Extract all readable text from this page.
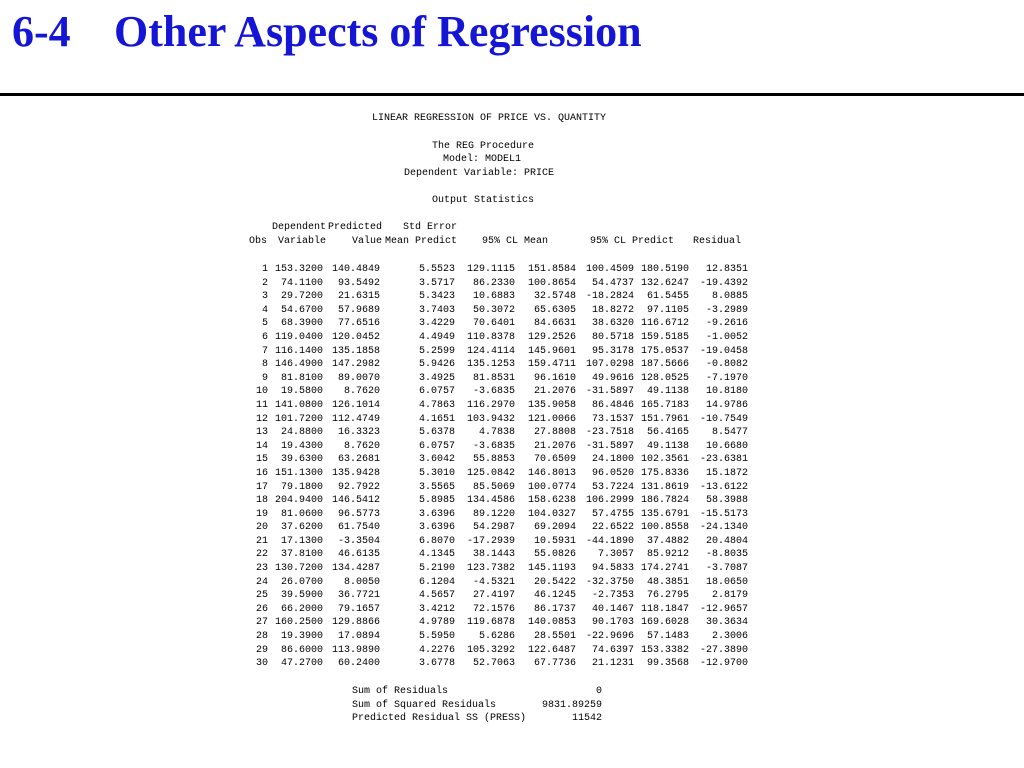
6-4 Other Aspects of Regression
LINEAR REGRESSION OF PRICE VS. QUANTITY
The REG Procedure
Model: MODEL1
Dependent Variable: PRICE
Output Statistics
Dependent Predicted Std Error
Obs Variable	Value Mean Predict 95% CL Mean	95% CL Predict Residual
1	153.3200	140.4849	5.5523	129.1115	151.8584	100.4509	180.5190	12.8351
2	74.1100	93.5492	3.5717	86.2330	100.8654	54.4737	132.6247	-19.4392
3	29.7200	21.6315	5.3423	10.6883	32.5748	-18.2824	61.5455	8.0885
4	54.6700	57.9689	3.7403	50.3072	65.6305	18.8272	97.1105	-3.2989
5	68.3900	77.6516	3.4229	70.6401	84.6631	38.6320	116.6712	-9.2616
6	119.0400	120.0452	4.4949	110.8378	129.2526	80.5718	159.5185	-1.0052
7	116.1400	135.1858	5.2599	124.4114	145.9601	95.3178	175.0537	-19.0458
8	146.4900	147.2982	5.9426	135.1253	159.4711	107.0298	187.5666	-0.8082
9	81.8100	89.0070	3.4925	81.8531	96.1610	49.9616	128.0525	-7.1970
10	19.5800	8.7620	6.0757	-3.6835	21.2076	-31.5897	49.1138	10.8180
11	141.0800	126.1014	4.7863	116.2970	135.9058	86.4846	165.7183	14.9786
12	101.7200	112.4749	4.1651	103.9432	121.0066	73.1537	151.7961	-10.7549
13	24.8800	16.3323	5.6378	4.7838	27.8808	-23.7518	56.4165	8.5477
14	19.4300	8.7620	6.0757	-3.6835	21.2076	-31.5897	49.1138	10.6680
15	39.6300	63.2681	3.6042	55.8853	70.6509	24.1800	102.3561	-23.6381
16	151.1300	135.9428	5.3010	125.0842	146.8013	96.0520	175.8336	15.1872
17	79.1800	92.7922	3.5565	85.5069	100.0774	53.7224	131.8619	-13.6122
18	204.9400	146.5412	5.8985	134.4586	158.6238	106.2999	186.7824	58.3988
19	81.0600	96.5773	3.6396	89.1220	104.0327	57.4755	135.6791	-15.5173
20	37.6200	61.7540	3.6396	54.2987	69.2094	22.6522	100.8558	-24.1340
21	17.1300	-3.3504	6.8070	-17.2939	10.5931	-44.1890	37.4882	20.4804
22	37.8100	46.6135	4.1345	38.1443	55.0826	7.3057	85.9212	-8.8035
23	130.7200	134.4287	5.2190	123.7382	145.1193	94.5833	174.2741	-3.7087
24	26.0700	8.0050	6.1204	-4.5321	20.5422	-32.3750	48.3851	18.0650
25	39.5900	36.7721	4.5657	27.4197	46.1245	-2.7353	76.2795	2.8179
26	66.2000	79.1657	3.4212	72.1576	86.1737	40.1467	118.1847	-12.9657
27	160.2500	129.8866	4.9789	119.6878	140.0853	90.1703	169.6028	30.3634
28	19.3900	17.0894	5.5950	5.6286	28.5501	-22.9696	57.1483	2.3006
29	86.6000	113.9890	4.2276	105.3292	122.6487	74.6397	153.3382	-27.3890
30	47.2700	60.2400	3.6778	52.7063	67.7736	21.1231	99.3568	-12.9700
Sum of Residuals	0
Sum of Squared Residuals	9831.89259
Predicted Residual SS (PRESS)	11542
